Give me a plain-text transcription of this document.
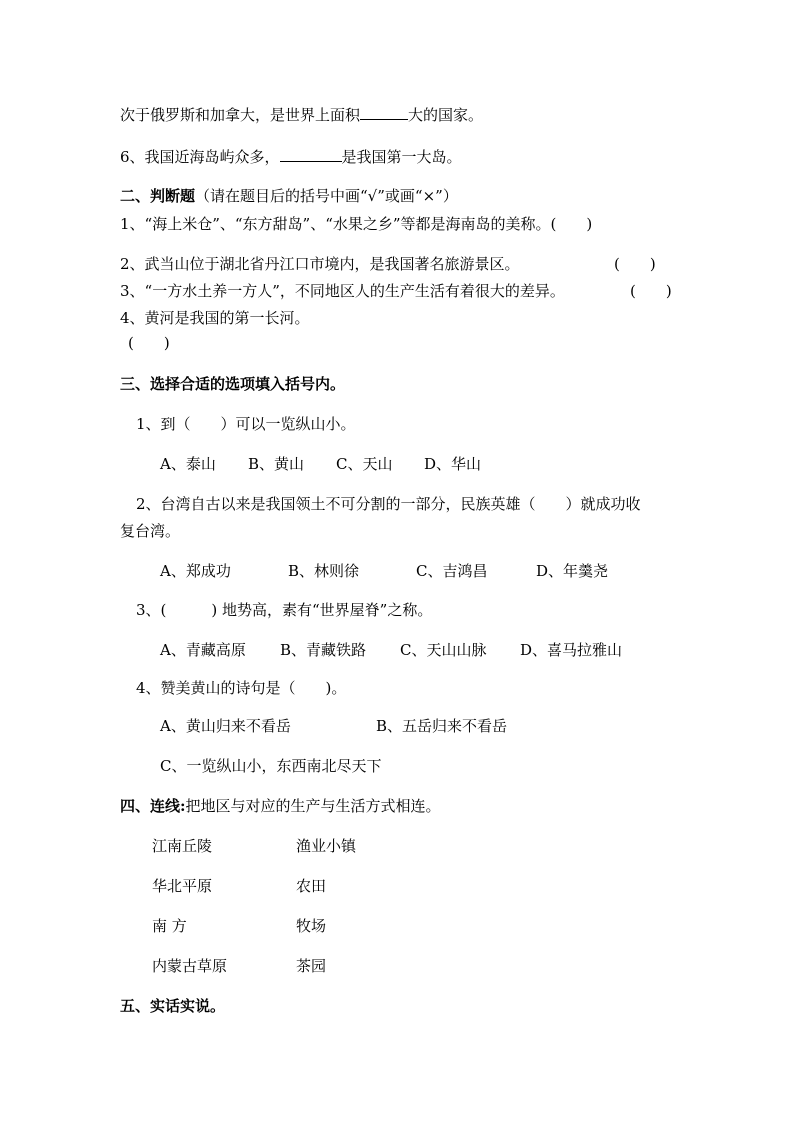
次于俄罗斯和加拿大，是世界上面积	大的国家。
6、我国近海岛屿众多，	是我国第一大岛。
二、判断题（请在题目后的括号中画“√”或画“×”）
1、“海上米仓”、“东方甜岛”、“水果之乡”等都是海南岛的美称。(　　)
2、武当山位于湖北省丹江口市境内，是我国著名旅游景区。	(　　)
3、“一方水土养一方人”，不同地区人的生产生活有着很大的差异。	(　　)
4、黄河是我国的第一长河。
(　　)
三、选择合适的选项填入括号内。
1、到（　　）可以一览纵山小。
A、泰山 B、黄山 C、天山 D、华山
2、台湾自古以来是我国领土不可分割的一部分，民族英雄（　　）就成功收
复台湾。
A、郑成功	B、林则徐	C、吉鸿昌	D、年羹尧
3、(　　　) 地势高，素有“世界屋脊”之称。
A、青藏高原 B、青藏铁路 C、天山山脉 D、喜马拉雅山
4、赞美黄山的诗句是（　　)。
A、黄山归来不看岳	B、五岳归来不看岳
C、一览纵山小，东西南北尽天下
四、连线:把地区与对应的生产与生活方式相连。
江南丘陵	渔业小镇
华北平原	农田
南 方	牧场
内蒙古草原	茶园
五、实话实说。
